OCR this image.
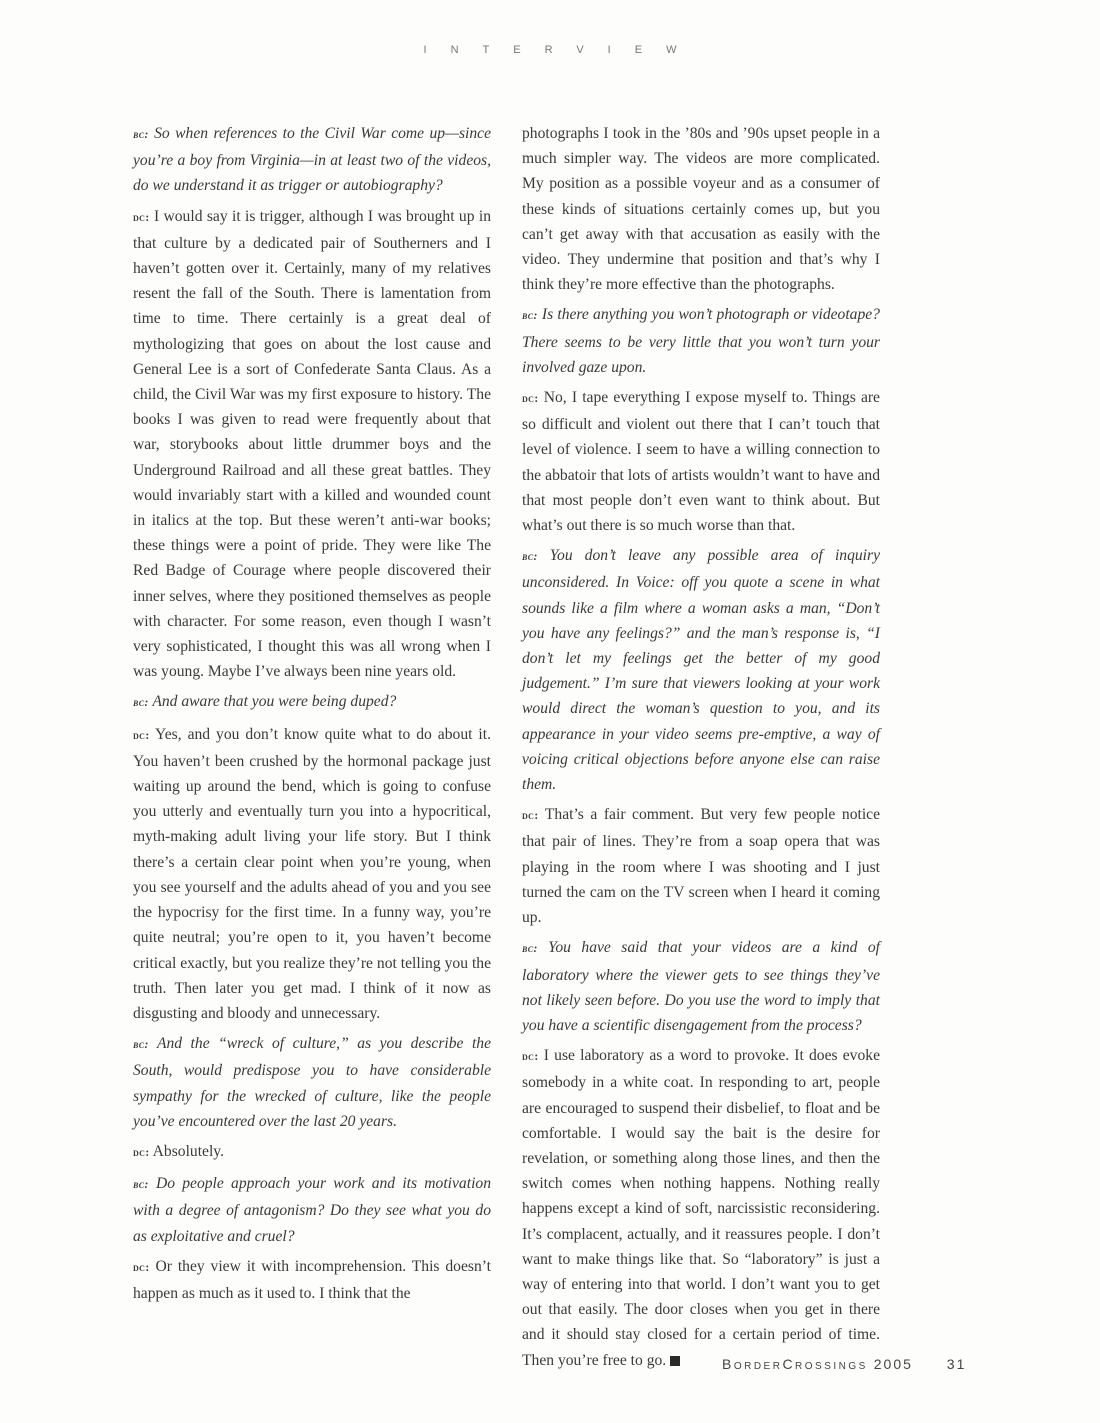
INTERVIEW

bc: So when references to the Civil War come up—since you’re a boy from Virginia—in at least two of the videos, do we understand it as trigger or autobiography?

dc: I would say it is trigger, although I was brought up in that culture by a dedicated pair of Southerners and I haven’t gotten over it. Certainly, many of my relatives resent the fall of the South. There is lamentation from time to time. There certainly is a great deal of mythologizing that goes on about the lost cause and General Lee is a sort of Confederate Santa Claus. As a child, the Civil War was my first exposure to history. The books I was given to read were frequently about that war, storybooks about little drummer boys and the Underground Railroad and all these great battles. They would invariably start with a killed and wounded count in italics at the top. But these weren’t anti-war books; these things were a point of pride. They were like The Red Badge of Courage where people discovered their inner selves, where they positioned themselves as people with character. For some reason, even though I wasn’t very sophisticated, I thought this was all wrong when I was young. Maybe I’ve always been nine years old.

bc: And aware that you were being duped?

dc: Yes, and you don’t know quite what to do about it. You haven’t been crushed by the hormonal package just waiting up around the bend, which is going to confuse you utterly and eventually turn you into a hypocritical, myth-making adult living your life story. But I think there’s a certain clear point when you’re young, when you see yourself and the adults ahead of you and you see the hypocrisy for the first time. In a funny way, you’re quite neutral; you’re open to it, you haven’t become critical exactly, but you realize they’re not telling you the truth. Then later you get mad. I think of it now as disgusting and bloody and unnecessary.

bc: And the “wreck of culture,” as you describe the South, would predispose you to have considerable sympathy for the wrecked of culture, like the people you’ve encountered over the last 20 years.

dc: Absolutely.

bc: Do people approach your work and its motivation with a degree of antagonism? Do they see what you do as exploitative and cruel?

dc: Or they view it with incomprehension. This doesn’t happen as much as it used to. I think that the

photographs I took in the ’80s and ’90s upset people in a much simpler way. The videos are more complicated. My position as a possible voyeur and as a consumer of these kinds of situations certainly comes up, but you can’t get away with that accusation as easily with the video. They undermine that position and that’s why I think they’re more effective than the photographs.

bc: Is there anything you won’t photograph or videotape? There seems to be very little that you won’t turn your involved gaze upon.

dc: No, I tape everything I expose myself to. Things are so difficult and violent out there that I can’t touch that level of violence. I seem to have a willing connection to the abbatoir that lots of artists wouldn’t want to have and that most people don’t even want to think about. But what’s out there is so much worse than that.

bc: You don’t leave any possible area of inquiry unconsidered. In Voice: off you quote a scene in what sounds like a film where a woman asks a man, “Don’t you have any feelings?” and the man’s response is, “I don’t let my feelings get the better of my good judgement.” I’m sure that viewers looking at your work would direct the woman’s question to you, and its appearance in your video seems pre-emptive, a way of voicing critical objections before anyone else can raise them.

dc: That’s a fair comment. But very few people notice that pair of lines. They’re from a soap opera that was playing in the room where I was shooting and I just turned the cam on the TV screen when I heard it coming up.

bc: You have said that your videos are a kind of laboratory where the viewer gets to see things they’ve not likely seen before. Do you use the word to imply that you have a scientific disengagement from the process?

dc: I use laboratory as a word to provoke. It does evoke somebody in a white coat. In responding to art, people are encouraged to suspend their disbelief, to float and be comfortable. I would say the bait is the desire for revelation, or something along those lines, and then the switch comes when nothing happens. Nothing really happens except a kind of soft, narcissistic reconsidering. It’s complacent, actually, and it reassures people. I don’t want to make things like that. So “laboratory” is just a way of entering into that world. I don’t want you to get out that easily. The door closes when you get in there and it should stay closed for a certain period of time. Then you’re free to go.	BorderCrossings 2005 31
